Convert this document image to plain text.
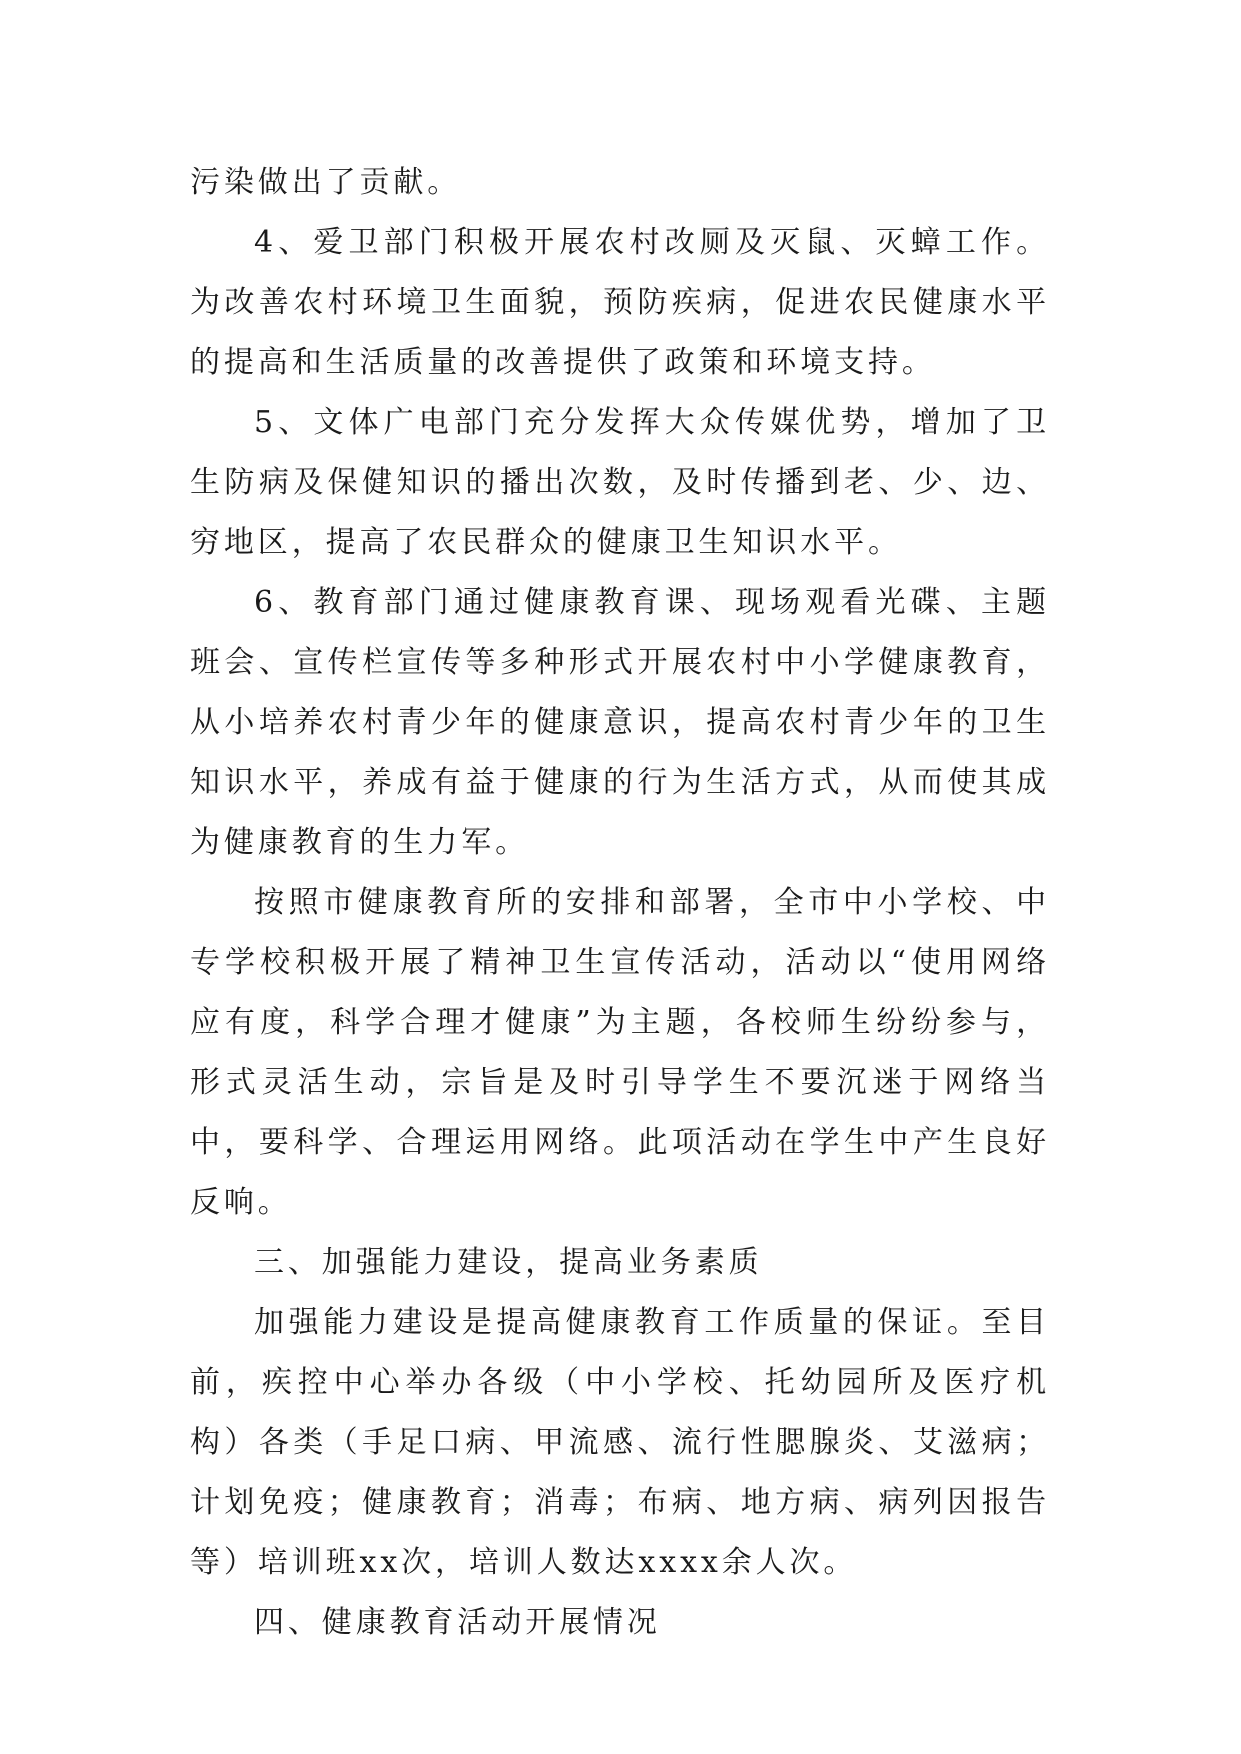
污染做出了贡献。

4、爱卫部门积极开展农村改厕及灭鼠、灭蟑工作。为改善农村环境卫生面貌，预防疾病，促进农民健康水平的提高和生活质量的改善提供了政策和环境支持。

5、文体广电部门充分发挥大众传媒优势，增加了卫生防病及保健知识的播出次数，及时传播到老、少、边、穷地区，提高了农民群众的健康卫生知识水平。

6、教育部门通过健康教育课、现场观看光碟、主题班会、宣传栏宣传等多种形式开展农村中小学健康教育，从小培养农村青少年的健康意识，提高农村青少年的卫生知识水平，养成有益于健康的行为生活方式，从而使其成为健康教育的生力军。

按照市健康教育所的安排和部署，全市中小学校、中专学校积极开展了精神卫生宣传活动，活动以“使用网络应有度，科学合理才健康”为主题，各校师生纷纷参与，形式灵活生动，宗旨是及时引导学生不要沉迷于网络当中，要科学、合理运用网络。此项活动在学生中产生良好反响。

三、加强能力建设，提高业务素质

加强能力建设是提高健康教育工作质量的保证。至目前，疾控中心举办各级（中小学校、托幼园所及医疗机构）各类（手足口病、甲流感、流行性腮腺炎、艾滋病；计划免疫；健康教育；消毒；布病、地方病、病列因报告等）培训班xx次，培训人数达xxxx余人次。

四、健康教育活动开展情况
